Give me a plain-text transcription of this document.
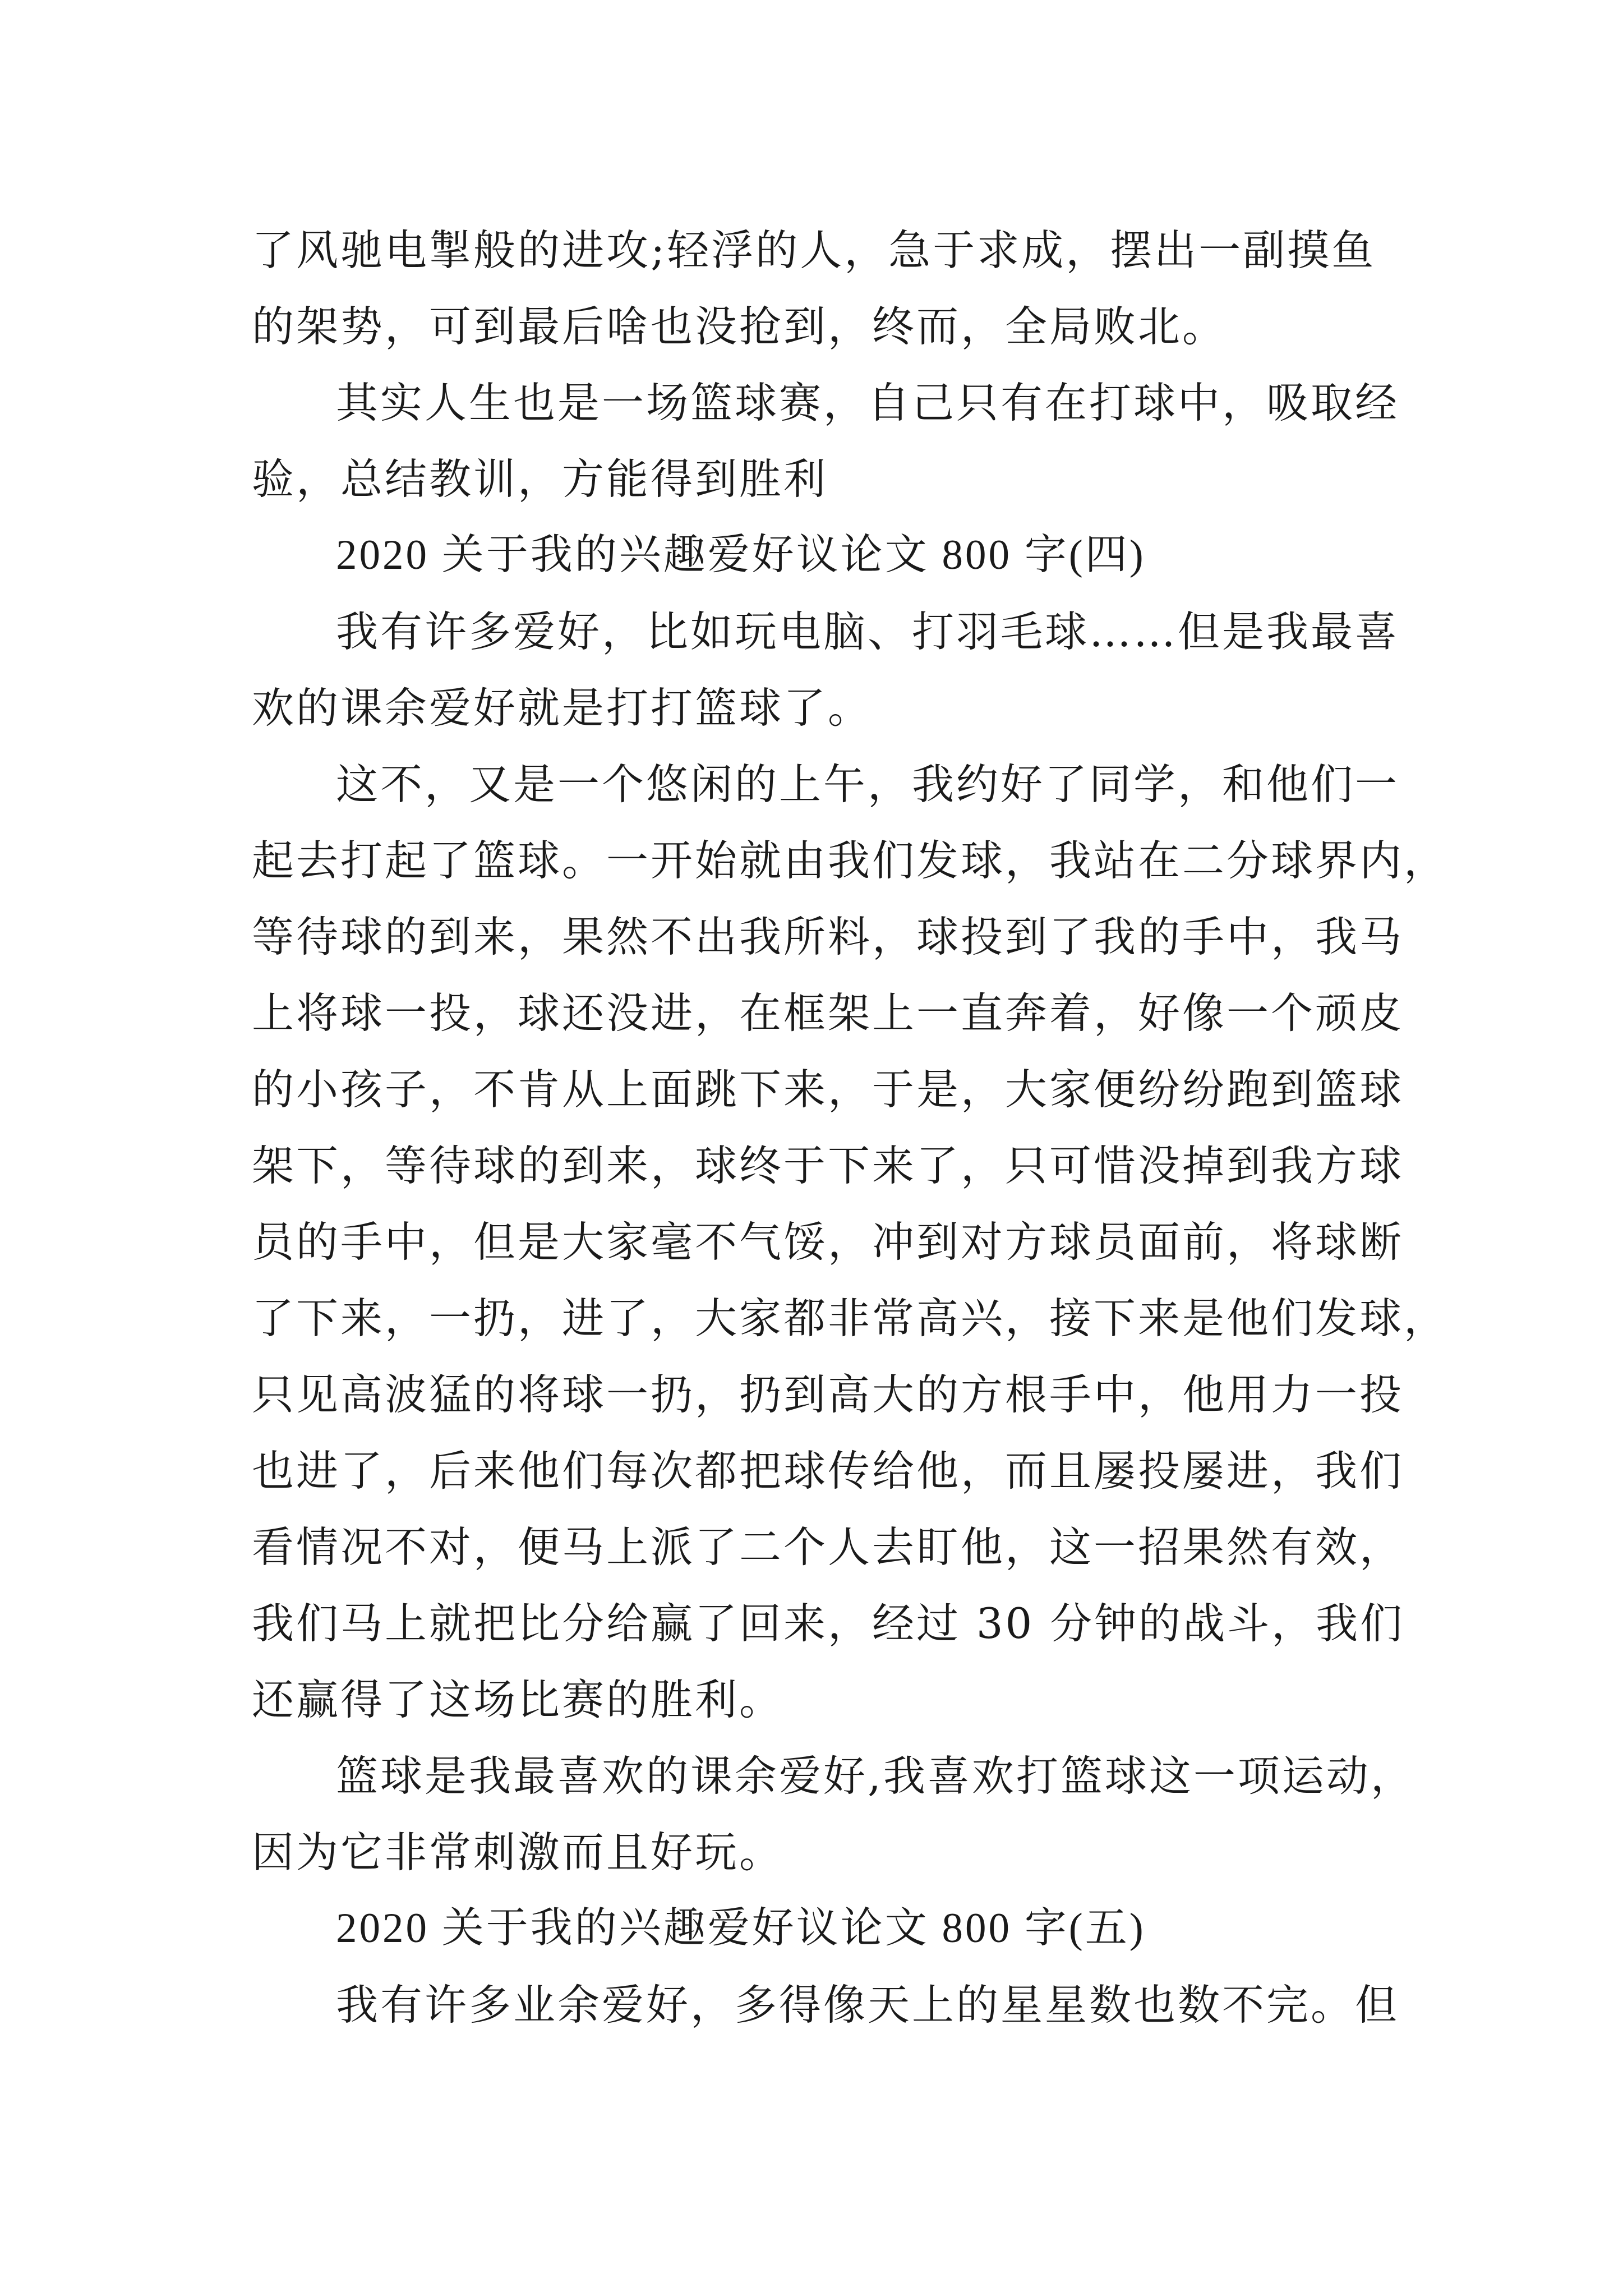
了风驰电掣般的进攻;轻浮的人，急于求成，摆出一副摸鱼
的架势，可到最后啥也没抢到，终而，全局败北。
其实人生也是一场篮球赛，自己只有在打球中，吸取经
验，总结教训，方能得到胜利
2020 关于我的兴趣爱好议论文 800 字(四)
我有许多爱好，比如玩电脑、打羽毛球……但是我最喜
欢的课余爱好就是打打篮球了。
这不，又是一个悠闲的上午，我约好了同学，和他们一
起去打起了篮球。一开始就由我们发球，我站在二分球界内，
等待球的到来，果然不出我所料，球投到了我的手中，我马
上将球一投，球还没进，在框架上一直奔着，好像一个顽皮
的小孩子，不肯从上面跳下来，于是，大家便纷纷跑到篮球
架下，等待球的到来，球终于下来了，只可惜没掉到我方球
员的手中，但是大家毫不气馁，冲到对方球员面前，将球断
了下来，一扔，进了，大家都非常高兴，接下来是他们发球，
只见高波猛的将球一扔，扔到高大的方根手中，他用力一投
也进了，后来他们每次都把球传给他，而且屡投屡进，我们
看情况不对，便马上派了二个人去盯他，这一招果然有效，
我们马上就把比分给赢了回来，经过 30 分钟的战斗，我们
还赢得了这场比赛的胜利。
篮球是我最喜欢的课余爱好,我喜欢打篮球这一项运动，
因为它非常刺激而且好玩。
2020 关于我的兴趣爱好议论文 800 字(五)
我有许多业余爱好，多得像天上的星星数也数不完。但
